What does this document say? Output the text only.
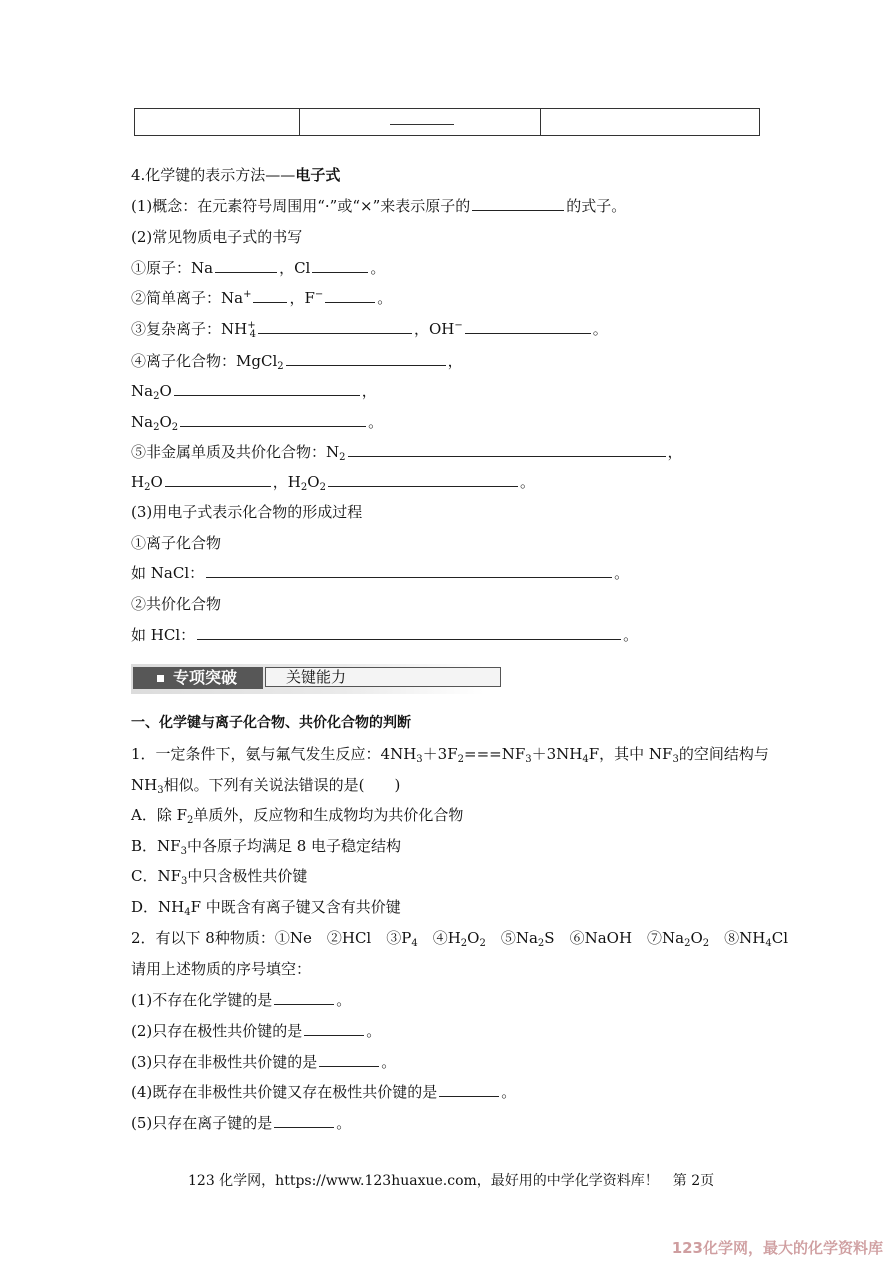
4.化学键的表示方法——电子式
(1)概念：在元素符号周围用“·”或“×”来表示原子的	的式子。
(2)常见物质电子式的书写
①原子：Na	，Cl	。
②简单离子：Na+	，F−	。
③复杂离子：$NH^+_4$	，OH−	。
④离子化合物：MgCl$_2$	，
$Na_2O$	，
$Na_2O_2$	。
⑤非金属单质及共价化合物：$N_2$	，
$H_2O$	，$H_2O_2$	。
(3)用电子式表示化合物的形成过程
①离子化合物
如 NaCl：	。
②共价化合物
如 HCl：	。
专项突破	关键能力
一、化学键与离子化合物、共价化合物的判断
1．一定条件下，氨与氟气发生反应：$4NH_3+3F_2===NF_3+3NH_4F$，其中 $NF_3$的空间结构与
$NH_3$相似。下列有关说法错误的是(　　)
A．除 $F_2$单质外，反应物和生成物均为共价化合物
B．$NF_3$中各原子均满足 8 电子稳定结构
C．$NF_3$中只含极性共价键
D．$NH_4F$ 中既含有离子键又含有共价键
2．有以下 8种物质：①Ne　②HCl　$③P_4$　$④H_2O_2$　$⑤Na_2S$　⑥NaOH　$⑦Na_2O_2$　$⑧NH_4Cl$
请用上述物质的序号填空：
(1)不存在化学键的是	。
(2)只存在极性共价键的是	。
(3)只存在非极性共价键的是	。
(4)既存在非极性共价键又存在极性共价键的是	。
(5)只存在离子键的是	。
123 化学网，https://www.123huaxue.com，最好用的中学化学资料库！　第 2页
123化学网，最大的化学资料库
